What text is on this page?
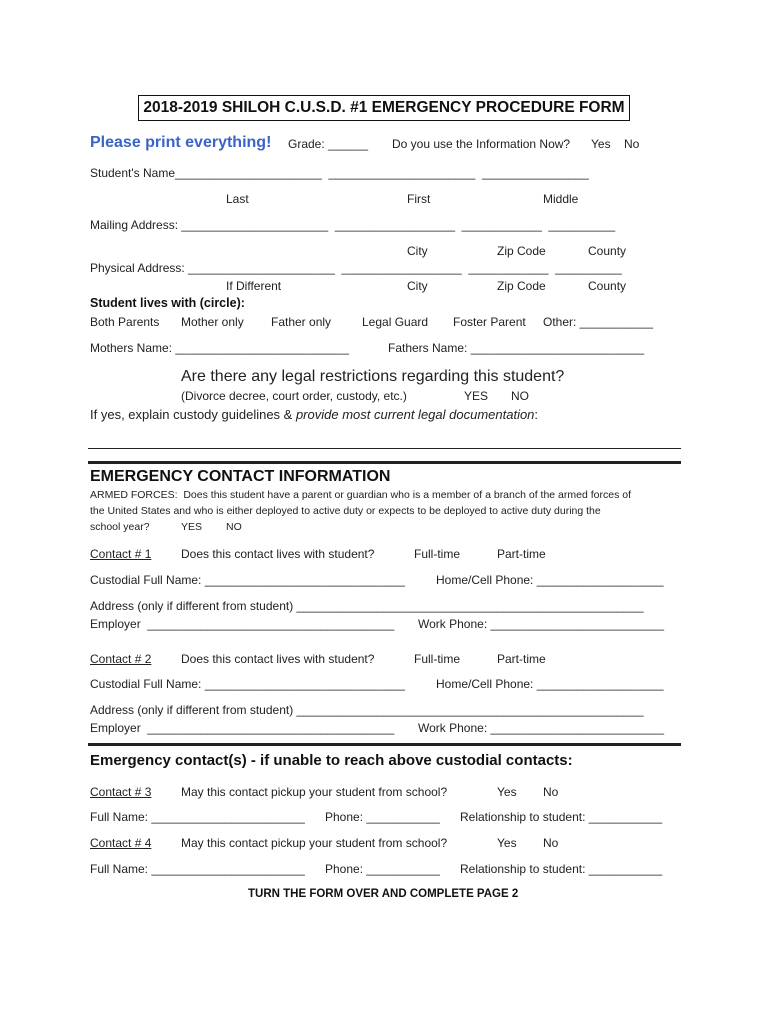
2018-2019 SHILOH C.U.S.D. #1 EMERGENCY PROCEDURE FORM
Please print everything! Grade: ______ Do you use the Information Now? Yes No
Student's Name______________________  ______________________  ________________
Last	First	Middle
Mailing Address: ______________________  __________________  ____________  __________
City	Zip Code	County
Physical Address: ______________________  __________________  ____________  __________
If Different	City	Zip Code	County
Student lives with (circle):
Both Parents Mother only Father only	Legal Guard Foster Parent Other: ___________
Mothers Name: __________________________	Fathers Name: __________________________
Are there any legal restrictions regarding this student?
(Divorce decree, court order, custody, etc.)	YES NO
If yes, explain custody guidelines & provide most current legal documentation:
EMERGENCY CONTACT INFORMATION
ARMED FORCES:  Does this student have a parent or guardian who is a member of a branch of the armed forces of
the United States and who is either deployed to active duty or expects to be deployed to active duty during the
school year?	YES NO
Contact # 1 Does this contact lives with student?	Full-time	Part-time
Custodial Full Name: ______________________________	Home/Cell Phone: ___________________
Address (only if different from student) ____________________________________________________
Employer  _____________________________________ Work Phone: __________________________
Contact # 2 Does this contact lives with student?	Full-time	Part-time
Custodial Full Name: ______________________________	Home/Cell Phone: ___________________
Address (only if different from student) ____________________________________________________
Employer  _____________________________________ Work Phone: __________________________
Emergency contact(s) - if unable to reach above custodial contacts:
Contact # 3 May this contact pickup your student from school?	Yes No
Full Name: _______________________ Phone: ___________ Relationship to student: ___________
Contact # 4 May this contact pickup your student from school?	Yes No
Full Name: _______________________ Phone: ___________ Relationship to student: ___________
TURN THE FORM OVER AND COMPLETE PAGE 2
